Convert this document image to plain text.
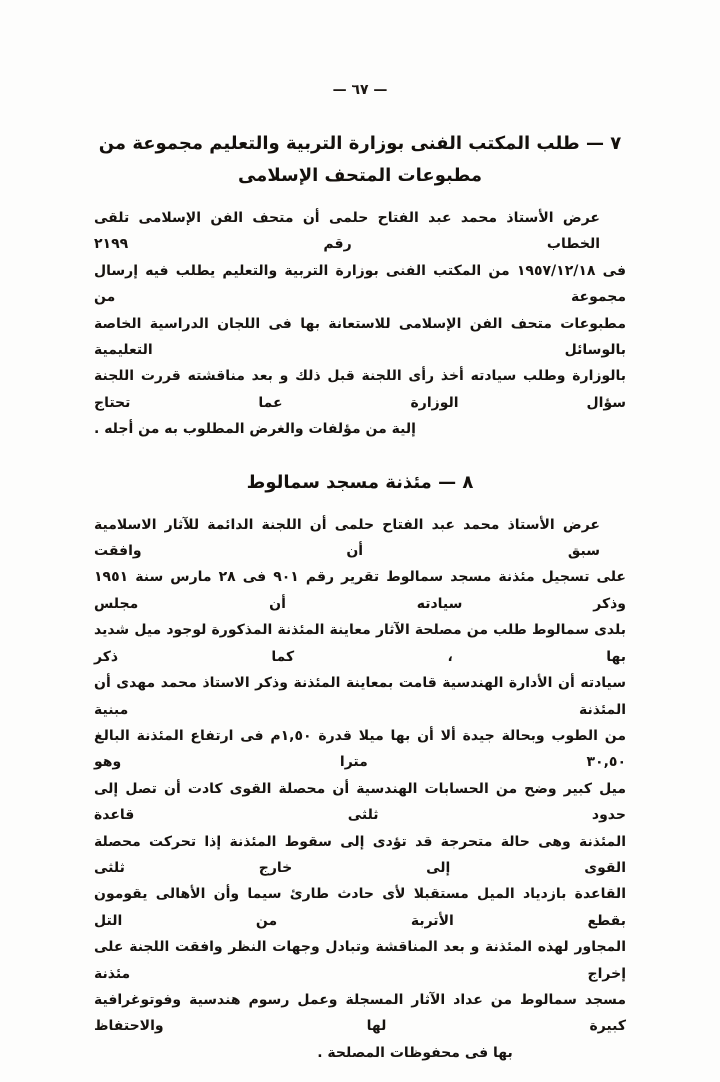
— ٦٧ —
٧ — طلب المكتب الفنى بوزارة التربية والتعليم مجموعة من
مطبوعات المتحف الإسلامى
عرض الأستاذ محمد عبد الفتاح حلمى أن متحف الفن الإسلامى تلقى الخطاب رقم ٢١٩٩
فى ١٩٥٧/١٢/١٨ من المكتب الفنى بوزارة التربية والتعليم يطلب فيه إرسال مجموعة من
مطبوعات متحف الفن الإسلامى للاستعانة بها فى اللجان الدراسية الخاصة بالوسائل التعليمية
بالوزارة وطلب سيادته أخذ رأى اللجنة قبل ذلك و بعد مناقشته قررت اللجنة سؤال الوزارة عما تحتاج
إلية من مؤلفات والغرض المطلوب به من أجله .
٨ — مئذنة مسجد سمالوط
عرض الأستاذ محمد عبد الفتاح حلمى أن اللجنة الدائمة للآثار الاسلامية سبق أن وافقت
على تسجيل مئذنة مسجد سمالوط تقرير رقم ٩٠١ فى ٢٨ مارس سنة ١٩٥١ وذكر سيادته أن مجلس
بلدى سمالوط طلب من مصلحة الآثار معاينة المئذنة المذكورة لوجود ميل شديد بها ، كما ذكر
سيادته أن الأدارة الهندسية قامت بمعاينة المئذنة وذكر الاستاذ محمد مهدى أن المئذنة مبنية
من الطوب وبحالة جيدة ألا أن بها ميلا قدرة ١,٥٠م فى ارتفاع المئذنة البالغ ٣٠,٥٠ مترا وهو
ميل كبير وضح من الحسابات الهندسية أن محصلة القوى كادت أن تصل إلى حدود ثلثى قاعدة
المئذنة وهى حالة متحرجة قد تؤدى إلى سقوط المئذنة إذا تحركت محصلة القوى إلى خارج ثلثى
القاعدة بازدياد الميل مستقبلا لأى حادث طارئ سيما وأن الأهالى يقومون بقطع الأتربة من التل
المجاور لهذه المئذنة و بعد المناقشة وتبادل وجهات النظر وافقت اللجنة على إخراج مئذنة
مسجد سمالوط من عداد الآثار المسجلة وعمل رسوم هندسية وفوتوغرافية كبيرة لها والاحتفاظ
بها فى محفوظات المصلحة .
